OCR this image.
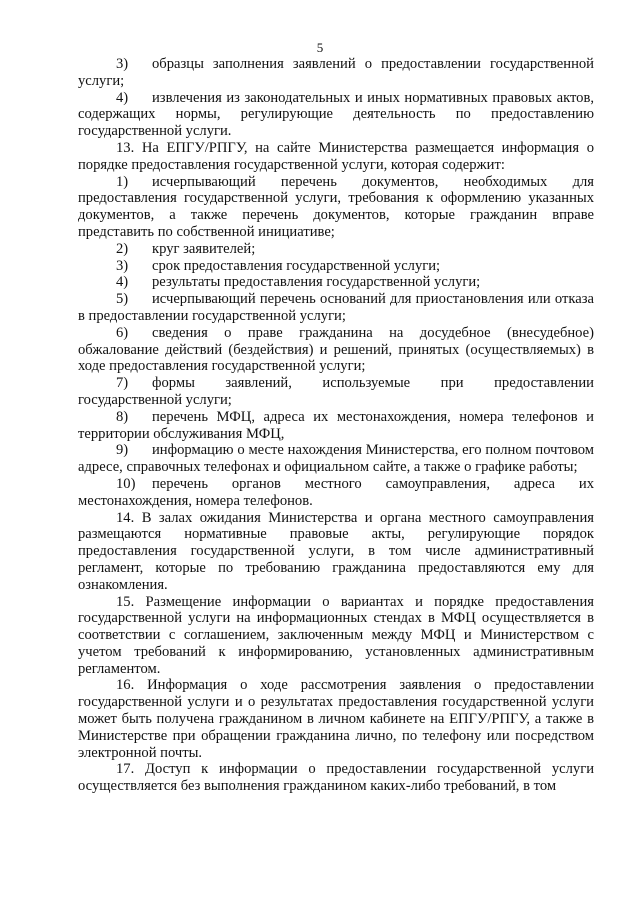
5

3) образцы заполнения заявлений о предоставлении государственной услуги;

4) извлечения из законодательных и иных нормативных правовых актов, содержащих нормы, регулирующие деятельность по предоставлению государственной услуги.

13. На ЕПГУ/РПГУ, на сайте Министерства размещается информация о порядке предоставления государственной услуги, которая содержит:

1) исчерпывающий перечень документов, необходимых для предоставления государственной услуги, требования к оформлению указанных документов, а также перечень документов, которые гражданин вправе представить по собственной инициативе;

2) круг заявителей;

3) срок предоставления государственной услуги;

4) результаты предоставления государственной услуги;

5) исчерпывающий перечень оснований для приостановления или отказа в предоставлении государственной услуги;

6) сведения о праве гражданина на досудебное (внесудебное) обжалование действий (бездействия) и решений, принятых (осуществляемых) в ходе предоставления государственной услуги;

7) формы заявлений, используемые при предоставлении государственной услуги;

8) перечень МФЦ, адреса их местонахождения, номера телефонов и территории обслуживания МФЦ,

9) информацию о месте нахождения Министерства, его полном почтовом адресе, справочных телефонах и официальном сайте, а также о графике работы;

10) перечень органов местного самоуправления, адреса их местонахождения, номера телефонов.

14. В залах ожидания Министерства и органа местного самоуправления размещаются нормативные правовые акты, регулирующие порядок предоставления государственной услуги, в том числе административный регламент, которые по требованию гражданина предоставляются ему для ознакомления.

15. Размещение информации о вариантах и порядке предоставления государственной услуги на информационных стендах в МФЦ осуществляется в соответствии с соглашением, заключенным между МФЦ и Министерством с учетом требований к информированию, установленных административным регламентом.

16. Информация о ходе рассмотрения заявления о предоставлении государственной услуги и о результатах предоставления государственной услуги может быть получена гражданином в личном кабинете на ЕПГУ/РПГУ, а также в Министерстве при обращении гражданина лично, по телефону или посредством электронной почты.

17. Доступ к информации о предоставлении государственной услуги осуществляется без выполнения гражданином каких-либо требований, в том
